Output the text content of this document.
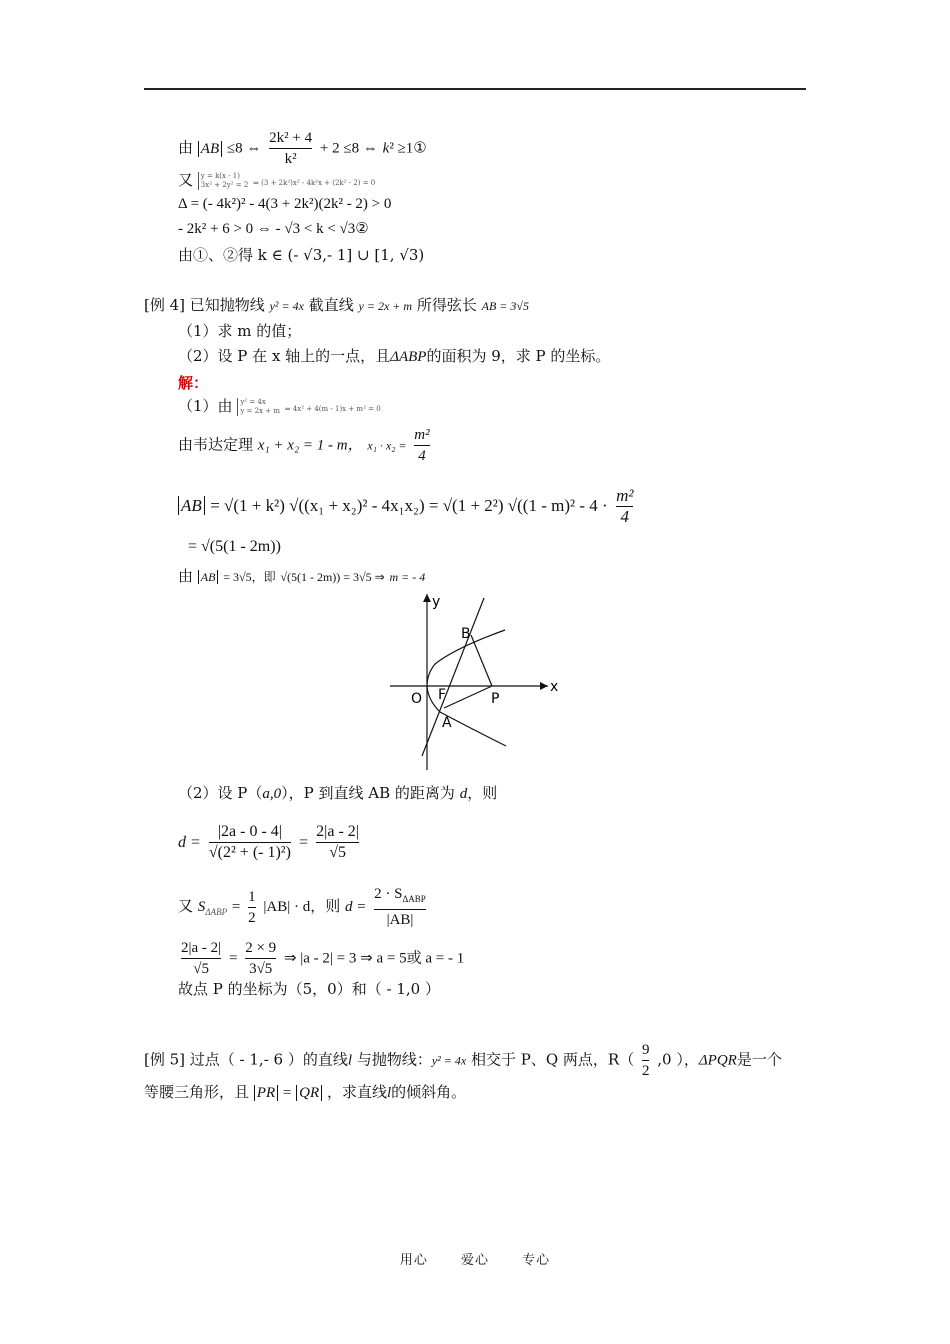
由 AB ≤8 ⇔ $\frac{\text{2k² + 4}}{\text{k²}} + 2 \le 8$ ⇔ k² ≥1①
又 y = k(x - 1)
3x² + 2y² = 2 ⇒ (3 + 2k²)x² - 4k²x + (2k² - 2) = 0
Δ = (- 4k²)² - 4(3 + 2k²)(2k² - 2) > 0
- 2k² + 6 > 0 ⇔ - √3 < k < √3②
由①、②得 k ∈ (- √3,- 1] ∪ [1, √3)
[例 4] 已知抛物线 y² = 4x 截直线 y = 2x + m 所得弦长 AB = 3√5
（1）求 m 的值；
（2）设 P 在 x 轴上的一点，且ΔABP的面积为 9，求 P 的坐标。
解：
（1）由 y² = 4x
y = 2x + m ⇒ 4x² + 4(m - 1)x + m² = 0
由韦达定理 x₁ + x₂ = 1 - m， $x_1 \cdot x_2 = \frac{\text{m²}}{4}$
AB = √(1 + k²) √((x₁ + x₂)² - 4x₁x₂) = √(1 + 2²) $√((1 - m)^2 - 4 \cdot \frac{\text{m²}}{4}$
= √(5(1 - 2m))
由 AB = 3√5，即 √(5(1 - 2m)) = 3√5 ⇒ m = - 4
y
x
O F
A
B
P
（2）设 P（a,0），P 到直线 AB 的距离为 d，则
$d = \frac{|2a - 0 - 4|}{\text{√(2² + (- 1)²)}} = \frac{2|a - 2|}{√5}$
又 $S_{\Delta ABP} = \frac{1}{2} |AB| \cdot d$，则 $d = \frac{2 \cdot S_{\Delta ABP}}{|AB|}$
$\frac{2|a - 2|}{√5} = \frac{2 \times 9}{3√5}$ ⇒ |a - 2| = 3 ⇒ a = 5或 a = - 1
故点 P 的坐标为（5，0）和（ - 1,0 ）
[例 5] 过点（ - 1,- 6 ）的直线l 与抛物线：y² = 4x 相交于 P、Q 两点，$R( \frac{9}{2} ,0$ ），ΔPQR是一个
等腰三角形，且 PR = QR ，求直线l的倾斜角。
用心	爱心	专心
